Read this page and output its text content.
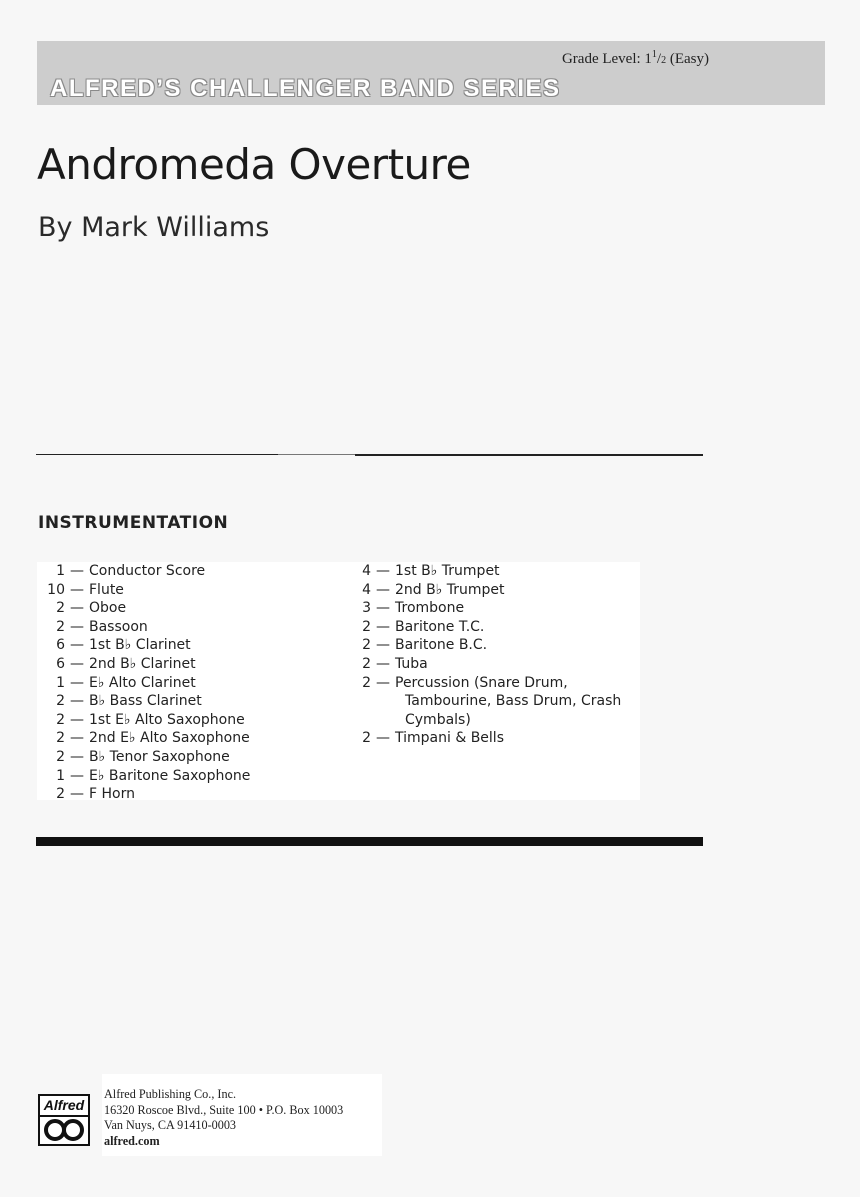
Grade Level: $1^1/2$ (Easy)
ALFRED’S CHALLENGER BAND SERIES
Andromeda Overture

By Mark Williams

INSTRUMENTATION
1 — Conductor Score
10 — Flute
2 — Oboe
2 — Bassoon
6 — 1st B♭ Clarinet
6 — 2nd B♭ Clarinet
1 — E♭ Alto Clarinet
2 — B♭ Bass Clarinet
2 — 1st E♭ Alto Saxophone
2 — 2nd E♭ Alto Saxophone
2 — B♭ Tenor Saxophone
1 — E♭ Baritone Saxophone
2 — F Horn
4 — 1st B♭ Trumpet
4 — 2nd B♭ Trumpet
3 — Trombone
2 — Baritone T.C.
2 — Baritone B.C.
2 — Tuba
2 — Percussion (Snare Drum,
Tambourine, Bass Drum, Crash
Cymbals)
2 — Timpani & Bells
Alfred
Alfred Publishing Co., Inc.
16320 Roscoe Blvd., Suite 100 • P.O. Box 10003
Van Nuys, CA 91410-0003
alfred.com
